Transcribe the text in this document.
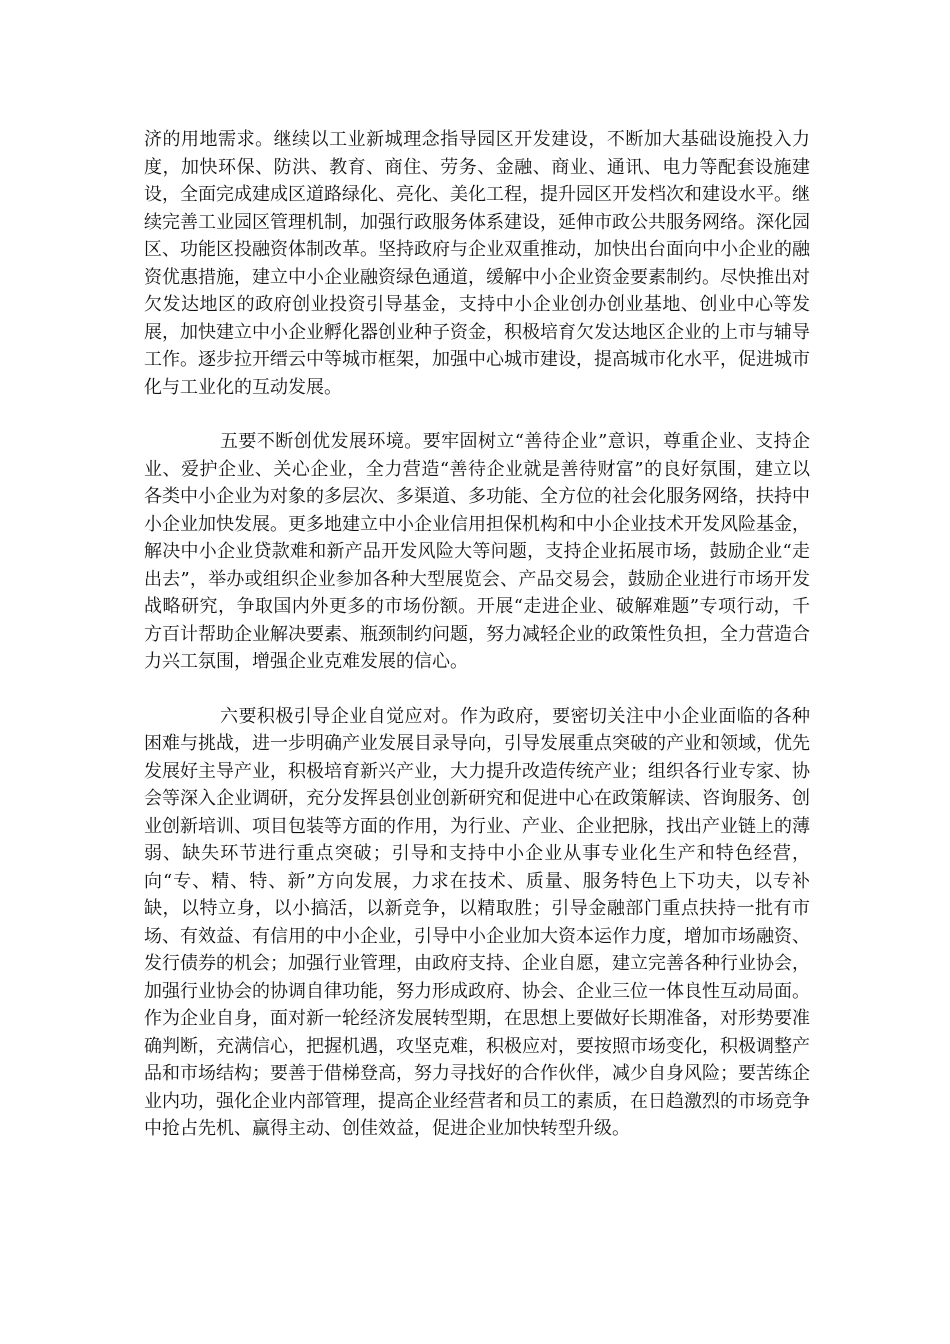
济的用地需求。继续以工业新城理念指导园区开发建设，不断加大基础设施投入力度，加快环保、防洪、教育、商住、劳务、金融、商业、通讯、电力等配套设施建设，全面完成建成区道路绿化、亮化、美化工程，提升园区开发档次和建设水平。继续完善工业园区管理机制，加强行政服务体系建设，延伸市政公共服务网络。深化园区、功能区投融资体制改革。坚持政府与企业双重推动，加快出台面向中小企业的融资优惠措施，建立中小企业融资绿色通道，缓解中小企业资金要素制约。尽快推出对欠发达地区的政府创业投资引导基金，支持中小企业创办创业基地、创业中心等发展，加快建立中小企业孵化器创业种子资金，积极培育欠发达地区企业的上市与辅导工作。逐步拉开缙云中等城市框架，加强中心城市建设，提高城市化水平，促进城市化与工业化的互动发展。

五要不断创优发展环境。要牢固树立“善待企业”意识，尊重企业、支持企业、爱护企业、关心企业，全力营造“善待企业就是善待财富”的良好氛围，建立以各类中小企业为对象的多层次、多渠道、多功能、全方位的社会化服务网络，扶持中小企业加快发展。更多地建立中小企业信用担保机构和中小企业技术开发风险基金，解决中小企业贷款难和新产品开发风险大等问题，支持企业拓展市场，鼓励企业“走出去”，举办或组织企业参加各种大型展览会、产品交易会，鼓励企业进行市场开发战略研究，争取国内外更多的市场份额。开展“走进企业、破解难题”专项行动，千方百计帮助企业解决要素、瓶颈制约问题，努力减轻企业的政策性负担，全力营造合力兴工氛围，增强企业克难发展的信心。

六要积极引导企业自觉应对。作为政府，要密切关注中小企业面临的各种困难与挑战，进一步明确产业发展目录导向，引导发展重点突破的产业和领域，优先发展好主导产业，积极培育新兴产业，大力提升改造传统产业；组织各行业专家、协会等深入企业调研，充分发挥县创业创新研究和促进中心在政策解读、咨询服务、创业创新培训、项目包装等方面的作用，为行业、产业、企业把脉，找出产业链上的薄弱、缺失环节进行重点突破；引导和支持中小企业从事专业化生产和特色经营，向“专、精、特、新”方向发展，力求在技术、质量、服务特色上下功夫，以专补缺，以特立身，以小搞活，以新竞争，以精取胜；引导金融部门重点扶持一批有市场、有效益、有信用的中小企业，引导中小企业加大资本运作力度，增加市场融资、发行债券的机会；加强行业管理，由政府支持、企业自愿，建立完善各种行业协会，加强行业协会的协调自律功能，努力形成政府、协会、企业三位一体良性互动局面。作为企业自身，面对新一轮经济发展转型期，在思想上要做好长期准备，对形势要准确判断，充满信心，把握机遇，攻坚克难，积极应对，要按照市场变化，积极调整产品和市场结构；要善于借梯登高，努力寻找好的合作伙伴，减少自身风险；要苦练企业内功，强化企业内部管理，提高企业经营者和员工的素质，在日趋激烈的市场竞争中抢占先机、赢得主动、创佳效益，促进企业加快转型升级。
